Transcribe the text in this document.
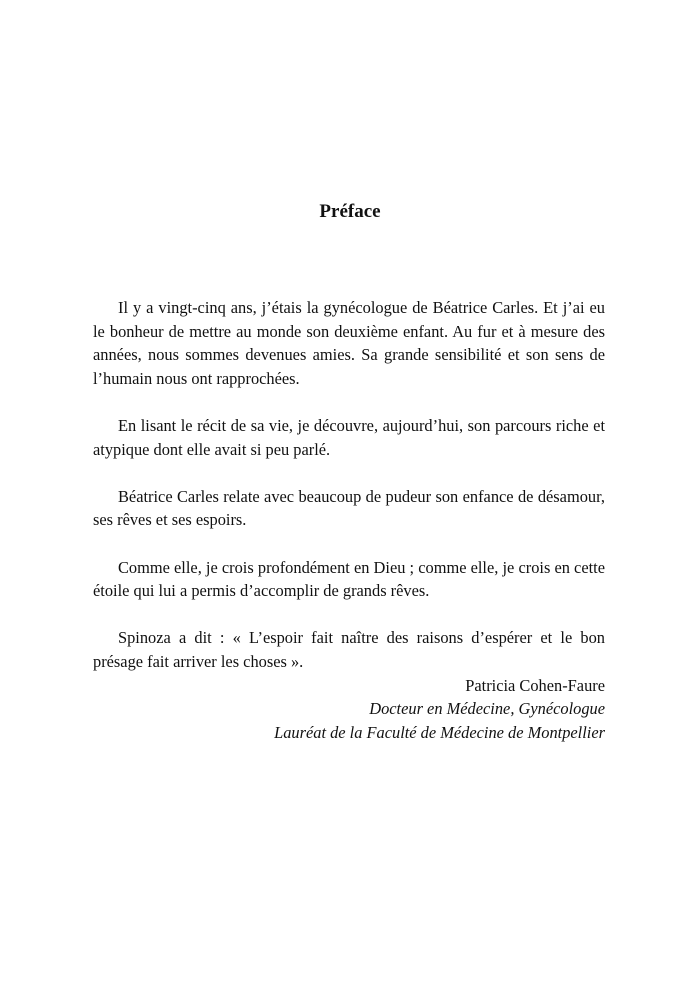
Préface

Il y a vingt-cinq ans, j’étais la gynécologue de Béatrice Carles. Et j’ai eu le bonheur de mettre au monde son deuxième enfant. Au fur et à mesure des années, nous sommes devenues amies. Sa grande sensibilité et son sens de l’humain nous ont rapprochées.

En lisant le récit de sa vie, je découvre, aujourd’hui, son parcours riche et atypique dont elle avait si peu parlé.

Béatrice Carles relate avec beaucoup de pudeur son enfance de désamour, ses rêves et ses espoirs.

Comme elle, je crois profondément en Dieu ; comme elle, je crois en cette étoile qui lui a permis d’accomplir de grands rêves.

Spinoza a dit : « L’espoir fait naître des raisons d’espérer et le bon présage fait arriver les choses ».

Patricia Cohen-Faure
Docteur en Médecine, Gynécologue
Lauréat de la Faculté de Médecine de Montpellier
